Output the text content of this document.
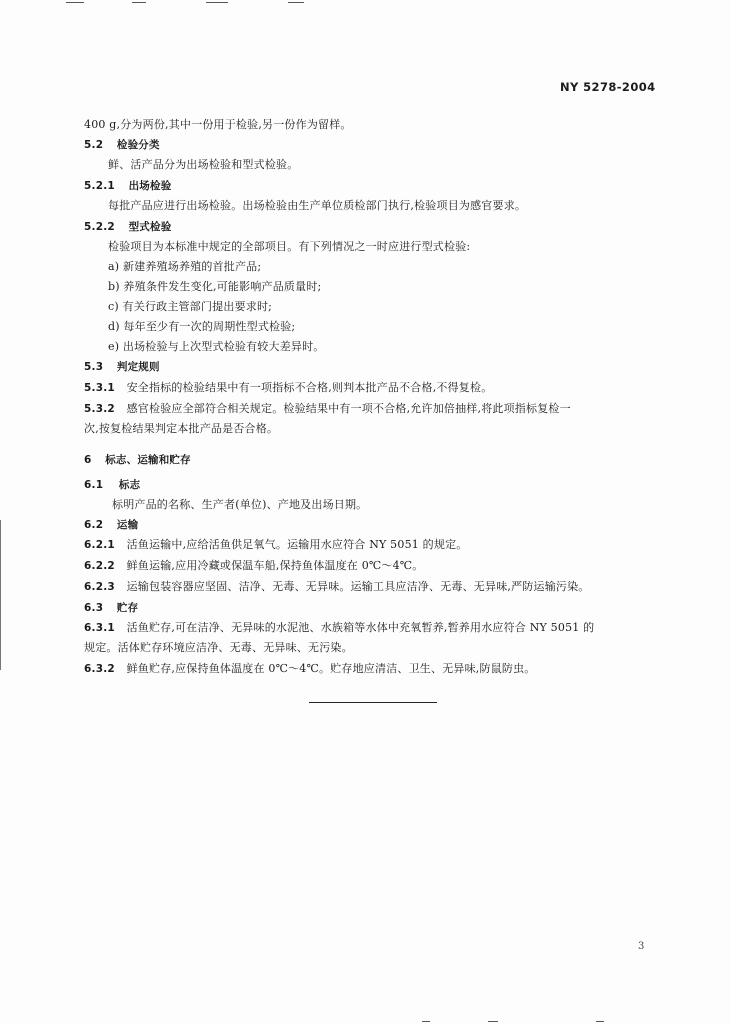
NY 5278-2004
400 g,分为两份,其中一份用于检验,另一份作为留样。
5.2 检验分类
鲜、活产品分为出场检验和型式检验。
5.2.1 出场检验
每批产品应进行出场检验。出场检验由生产单位质检部门执行,检验项目为感官要求。
5.2.2 型式检验
检验项目为本标准中规定的全部项目。有下列情况之一时应进行型式检验:
a) 新建养殖场养殖的首批产品;
b) 养殖条件发生变化,可能影响产品质量时;
c) 有关行政主管部门提出要求时;
d) 每年至少有一次的周期性型式检验;
e) 出场检验与上次型式检验有较大差异时。
5.3 判定规则
5.3.1 安全指标的检验结果中有一项指标不合格,则判本批产品不合格,不得复检。
5.3.2 感官检验应全部符合相关规定。检验结果中有一项不合格,允许加倍抽样,将此项指标复检一
次,按复检结果判定本批产品是否合格。
6 标志、运输和贮存
6.1 标志
标明产品的名称、生产者(单位)、产地及出场日期。
6.2 运输
6.2.1 活鱼运输中,应给活鱼供足氧气。运输用水应符合 NY 5051 的规定。
6.2.2 鲜鱼运输,应用冷藏或保温车船,保持鱼体温度在 0℃～4℃。
6.2.3 运输包装容器应坚固、洁净、无毒、无异味。运输工具应洁净、无毒、无异味,严防运输污染。
6.3 贮存
6.3.1 活鱼贮存,可在洁净、无异味的水泥池、水族箱等水体中充氧暂养,暂养用水应符合 NY 5051 的
规定。活体贮存环境应洁净、无毒、无异味、无污染。
6.3.2 鲜鱼贮存,应保持鱼体温度在 0℃～4℃。贮存地应清洁、卫生、无异味,防鼠防虫。
3
